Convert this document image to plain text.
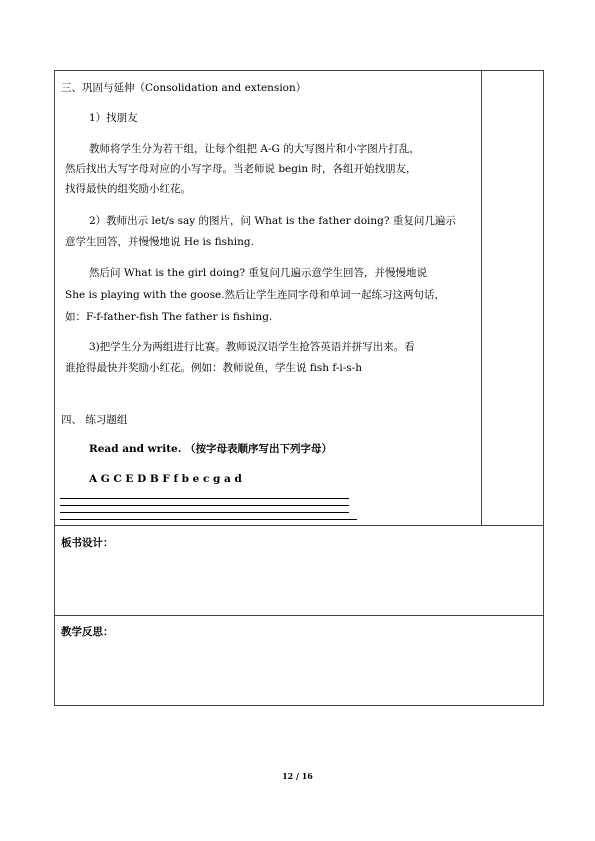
三、巩固与延伸（Consolidation and extension）
1）找朋友
教师将学生分为若干组，让每个组把 A-G 的大写图片和小字图片打乱，
然后找出大写字母对应的小写字母。当老师说 begin 时，各组开始找朋友，
找得最快的组奖励小红花。
2）教师出示 let/s say 的图片，问 What is the father doing? 重复问几遍示
意学生回答，并慢慢地说 He is fishing.
然后问 What is the girl doing? 重复问几遍示意学生回答，并慢慢地说
She is playing with the goose.然后让学生连同字母和单词一起练习这两句话，
如：F-f-father-fish The father is fishing.
3)把学生分为两组进行比赛。教师说汉语学生抢答英语并拼写出来。看
谁抢得最快并奖励小红花。例如：教师说鱼，学生说 fish f-i-s-h
四、 练习题组
Read and write. （按字母表顺序写出下列字母）
A G C E D B F f b e c g a d
板书设计：
教学反思：
12 / 16
